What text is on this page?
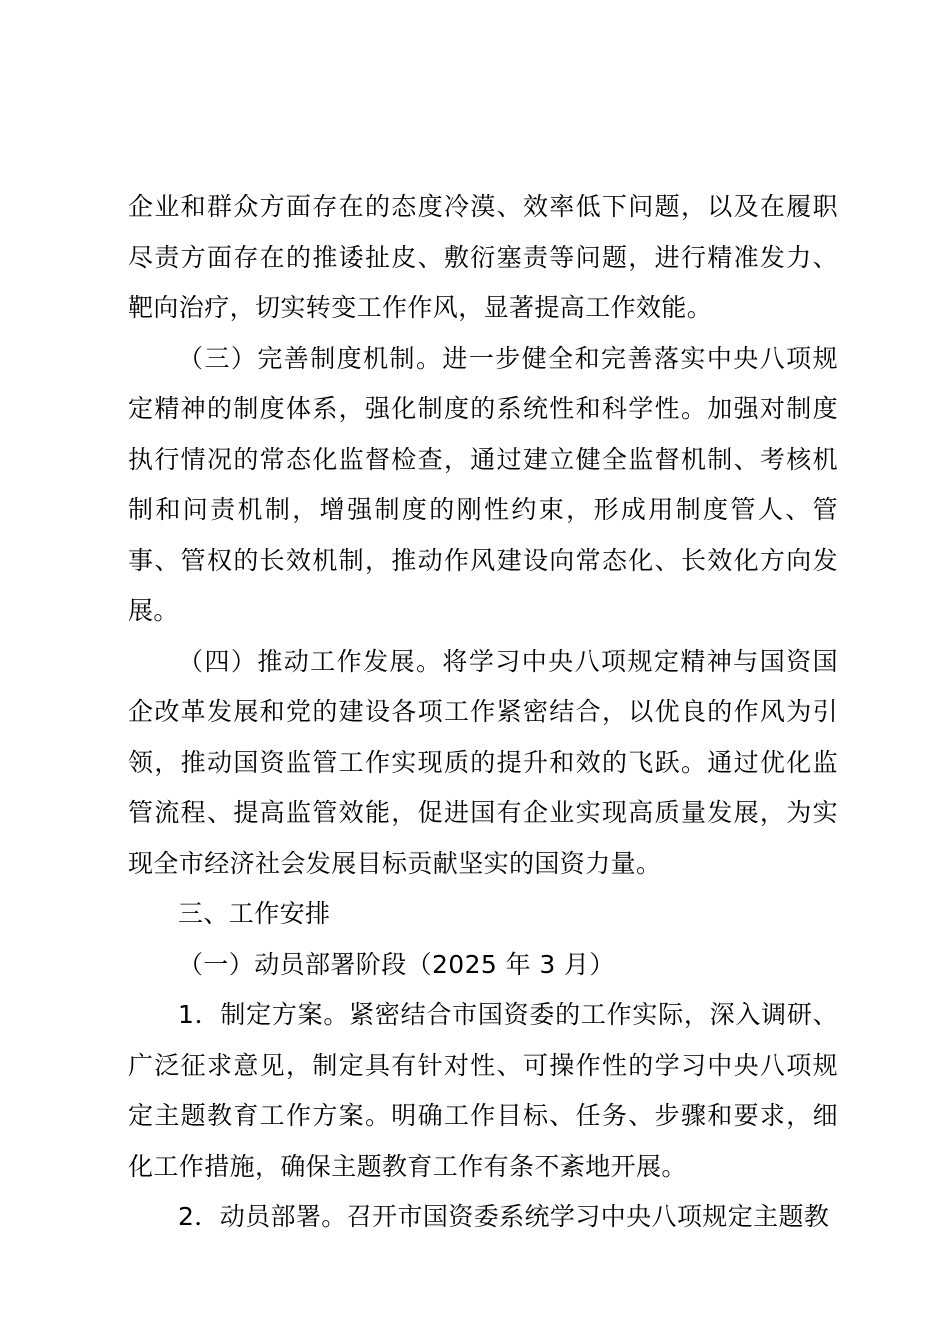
企业和群众方面存在的态度冷漠、效率低下问题，以及在履职尽责方面存在的推诿扯皮、敷衍塞责等问题，进行精准发力、靶向治疗，切实转变工作作风，显著提高工作效能。

（三）完善制度机制。进一步健全和完善落实中央八项规定精神的制度体系，强化制度的系统性和科学性。加强对制度执行情况的常态化监督检查，通过建立健全监督机制、考核机制和问责机制，增强制度的刚性约束，形成用制度管人、管事、管权的长效机制，推动作风建设向常态化、长效化方向发展。

（四）推动工作发展。将学习中央八项规定精神与国资国企改革发展和党的建设各项工作紧密结合，以优良的作风为引领，推动国资监管工作实现质的提升和效的飞跃。通过优化监管流程、提高监管效能，促进国有企业实现高质量发展，为实现全市经济社会发展目标贡献坚实的国资力量。

三、工作安排

（一）动员部署阶段（2025 年 3 月）

1．制定方案。紧密结合市国资委的工作实际，深入调研、广泛征求意见，制定具有针对性、可操作性的学习中央八项规定主题教育工作方案。明确工作目标、任务、步骤和要求，细化工作措施，确保主题教育工作有条不紊地开展。

2．动员部署。召开市国资委系统学习中央八项规定主题教
